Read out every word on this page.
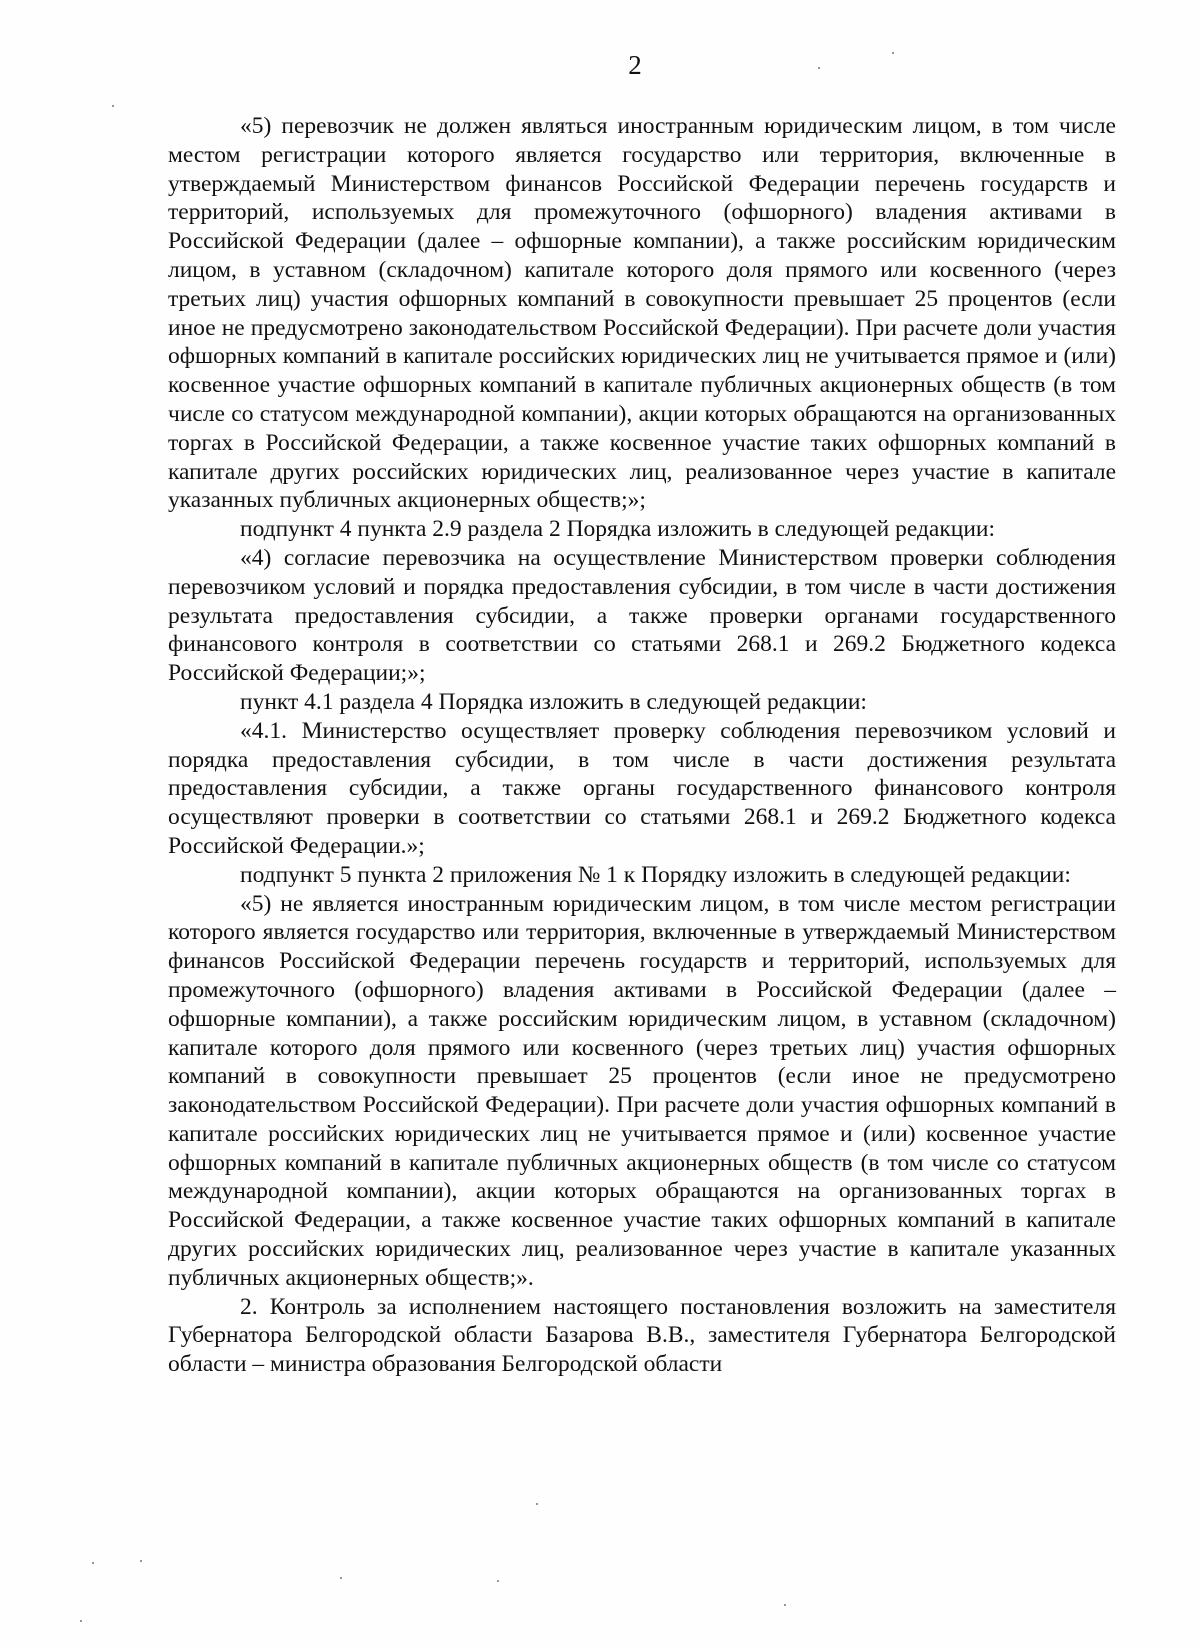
2

«5) перевозчик не должен являться иностранным юридическим лицом, в том числе местом регистрации которого является государство или территория, включенные в утверждаемый Министерством финансов Российской Федерации перечень государств и территорий, используемых для промежуточного (офшорного) владения активами в Российской Федерации (далее – офшорные компании), а также российским юридическим лицом, в уставном (складочном) капитале которого доля прямого или косвенного (через третьих лиц) участия офшорных компаний в совокупности превышает 25 процентов (если иное не предусмотрено законодательством Российской Федерации). При расчете доли участия офшорных компаний в капитале российских юридических лиц не учитывается прямое и (или) косвенное участие офшорных компаний в капитале публичных акционерных обществ (в том числе со статусом международной компании), акции которых обращаются на организованных торгах в Российской Федерации, а также косвенное участие таких офшорных компаний в капитале других российских юридических лиц, реализованное через участие в капитале указанных публичных акционерных обществ;»;

подпункт 4 пункта 2.9 раздела 2 Порядка изложить в следующей редакции:

«4) согласие перевозчика на осуществление Министерством проверки соблюдения перевозчиком условий и порядка предоставления субсидии, в том числе в части достижения результата предоставления субсидии, а также проверки органами государственного финансового контроля в соответствии со статьями 268.1 и 269.2 Бюджетного кодекса Российской Федерации;»;

пункт 4.1 раздела 4 Порядка изложить в следующей редакции:

«4.1. Министерство осуществляет проверку соблюдения перевозчиком условий и порядка предоставления субсидии, в том числе в части достижения результата предоставления субсидии, а также органы государственного финансового контроля осуществляют проверки в соответствии со статьями 268.1 и 269.2 Бюджетного кодекса Российской Федерации.»;

подпункт 5 пункта 2 приложения № 1 к Порядку изложить в следующей редакции:

«5) не является иностранным юридическим лицом, в том числе местом регистрации которого является государство или территория, включенные в утверждаемый Министерством финансов Российской Федерации перечень государств и территорий, используемых для промежуточного (офшорного) владения активами в Российской Федерации (далее – офшорные компании), а также российским юридическим лицом, в уставном (складочном) капитале которого доля прямого или косвенного (через третьих лиц) участия офшорных компаний в совокупности превышает 25 процентов (если иное не предусмотрено законодательством Российской Федерации). При расчете доли участия офшорных компаний в капитале российских юридических лиц не учитывается прямое и (или) косвенное участие офшорных компаний в капитале публичных акционерных обществ (в том числе со статусом международной компании), акции которых обращаются на организованных торгах в Российской Федерации, а также косвенное участие таких офшорных компаний в капитале других российских юридических лиц, реализованное через участие в капитале указанных публичных акционерных обществ;».

2. Контроль за исполнением настоящего постановления возложить на заместителя Губернатора Белгородской области Базарова В.В., заместителя Губернатора Белгородской области – министра образования Белгородской области
